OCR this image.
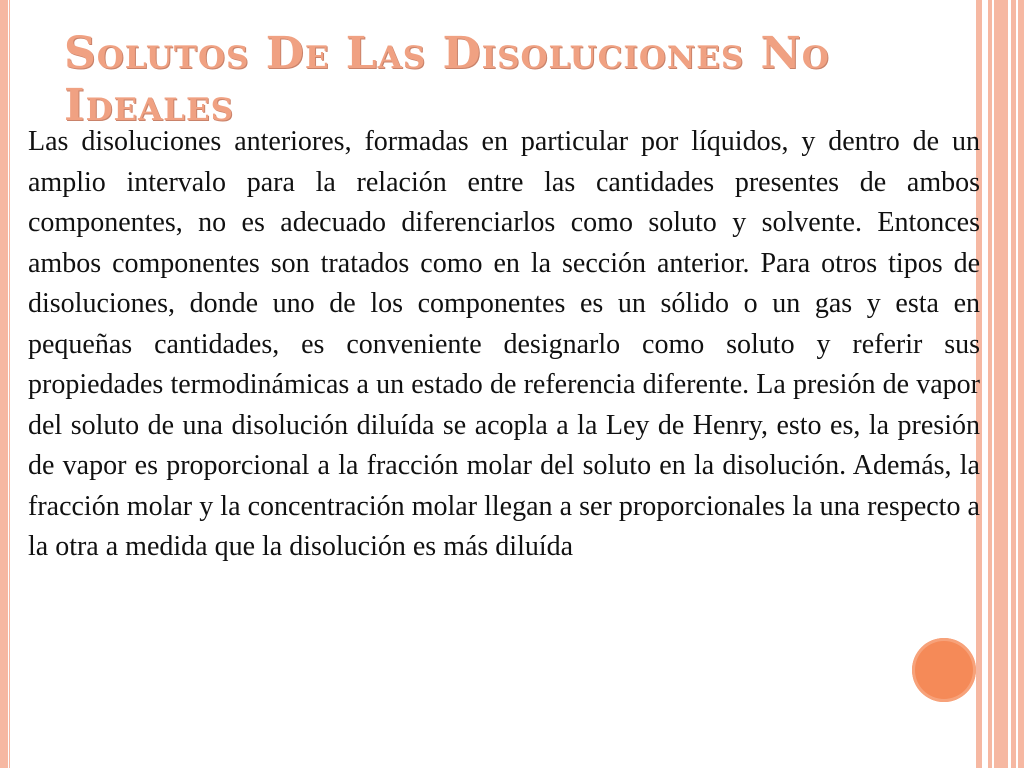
Solutos De Las Disoluciones No Ideales

Las disoluciones anteriores, formadas en particular por líquidos, y dentro de un amplio intervalo para la relación entre las cantidades presentes de ambos componentes, no es adecuado diferenciarlos como soluto y solvente. Entonces ambos componentes son tratados como en la sección anterior. Para otros tipos de disoluciones, donde uno de los componentes es un sólido o un gas y esta en pequeñas cantidades, es conveniente designarlo como soluto y referir sus propiedades termodinámicas a un estado de referencia diferente. La presión de vapor del soluto de una disolución diluída se acopla a la Ley de Henry, esto es, la presión de vapor es proporcional a la fracción molar del soluto en la disolución. Además, la fracción molar y la concentración molar llegan a ser proporcionales la una respecto a la otra a medida que la disolución es más diluída
